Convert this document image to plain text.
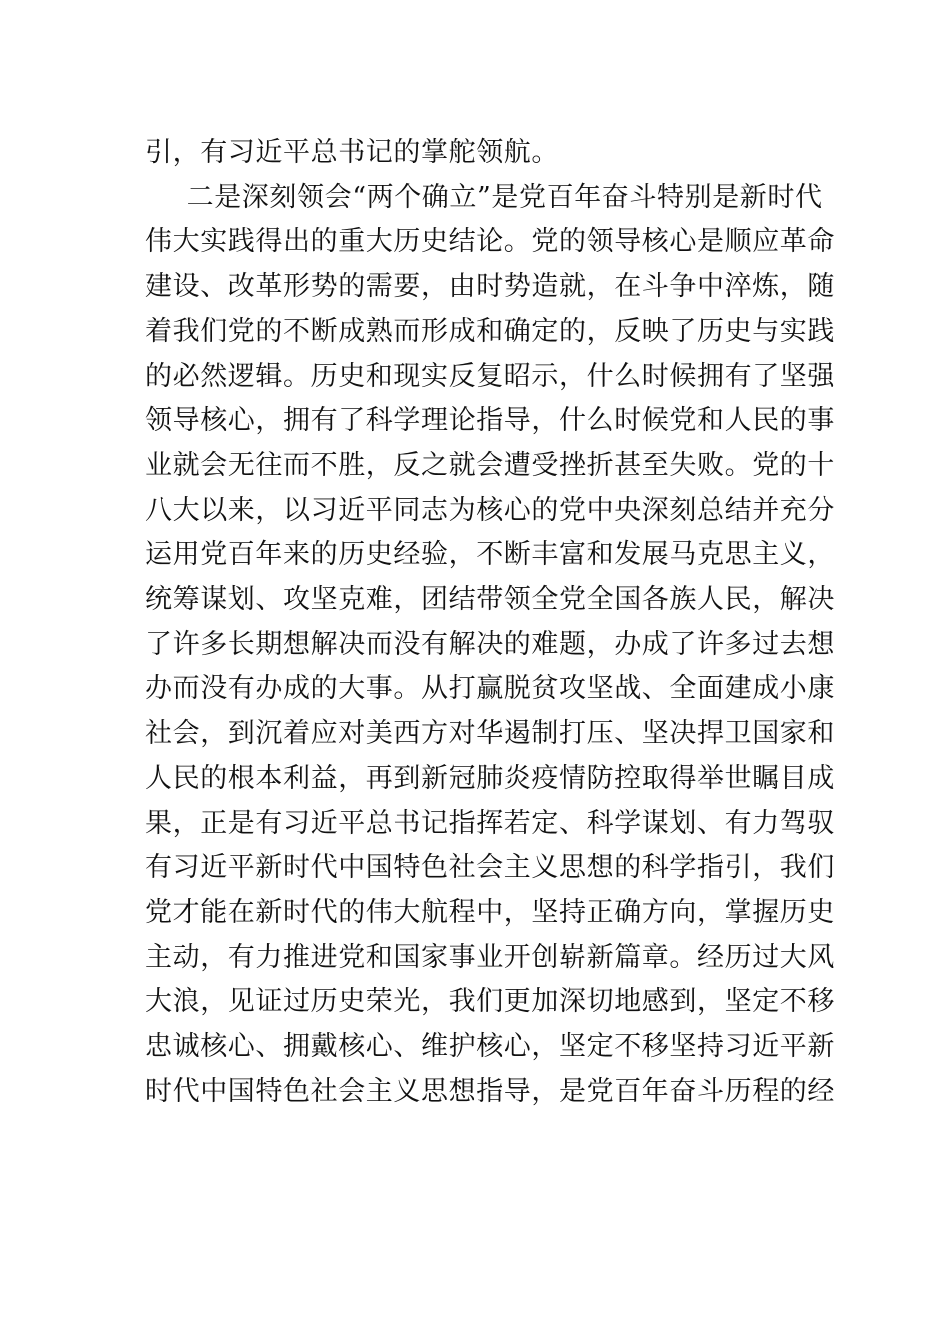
引，有习近平总书记的掌舵领航。
　二是深刻领会“两个确立”是党百年奋斗特别是新时代
伟大实践得出的重大历史结论。党的领导核心是顺应革命
建设、改革形势的需要，由时势造就，在斗争中淬炼，随
着我们党的不断成熟而形成和确定的，反映了历史与实践
的必然逻辑。历史和现实反复昭示，什么时候拥有了坚强
领导核心，拥有了科学理论指导，什么时候党和人民的事
业就会无往而不胜，反之就会遭受挫折甚至失败。党的十
八大以来，以习近平同志为核心的党中央深刻总结并充分
运用党百年来的历史经验，不断丰富和发展马克思主义，
统筹谋划、攻坚克难，团结带领全党全国各族人民，解决
了许多长期想解决而没有解决的难题，办成了许多过去想
办而没有办成的大事。从打赢脱贫攻坚战、全面建成小康
社会，到沉着应对美西方对华遏制打压、坚决捍卫国家和
人民的根本利益，再到新冠肺炎疫情防控取得举世瞩目成
果，正是有习近平总书记指挥若定、科学谋划、有力驾驭
有习近平新时代中国特色社会主义思想的科学指引，我们
党才能在新时代的伟大航程中，坚持正确方向，掌握历史
主动，有力推进党和国家事业开创崭新篇章。经历过大风
大浪，见证过历史荣光，我们更加深切地感到，坚定不移
忠诚核心、拥戴核心、维护核心，坚定不移坚持习近平新
时代中国特色社会主义思想指导，是党百年奋斗历程的经
